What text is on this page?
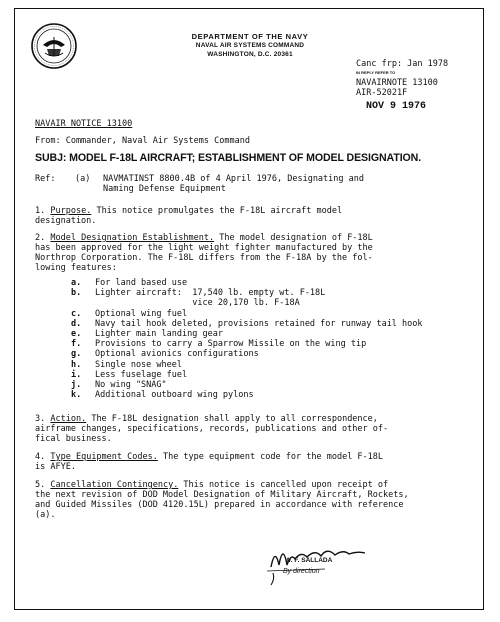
DEPARTMENT OF THE NAVY
NAVAL AIR SYSTEMS COMMAND
WASHINGTON, D.C. 20361
Canc frp: Jan 1978
IN REPLY REFER TO
NAVAIRNOTE 13100
AIR-52021F
NOV 9 1976
NAVAIR NOTICE 13100
From: Commander, Naval Air Systems Command
SUBJ: MODEL F-18L AIRCRAFT; ESTABLISHMENT OF MODEL DESIGNATION.
Ref: (a) NAVMATINST 8800.4B of 4 April 1976, Designating and
Naming Defense Equipment
1. Purpose. This notice promulgates the F-18L aircraft model
designation.
2. Model Designation Establishment. The model designation of F-18L
has been approved for the light weight fighter manufactured by the
Northrop Corporation. The F-18L differs from the F-18A by the fol-
lowing features:
a.	For land based use
b.	Lighter aircraft:  17,540 lb. empty wt. F-18L
vice 20,170 lb. F-18A
c.	Optional wing fuel
d.	Navy tail hook deleted, provisions retained for runway tail hook
e.	Lighter main landing gear
f.	Provisions to carry a Sparrow Missile on the wing tip
g.	Optional avionics configurations
h.	Single nose wheel
i.	Less fuselage fuel
j.	No wing "SNAG"
k.	Additional outboard wing pylons
3. Action. The F-18L designation shall apply to all correspondence,
airframe changes, specifications, records, publications and other of-
fical business.
4. Type Equipment Codes. The type equipment code for the model F-18L
is AFYE.
5. Cancellation Contingency. This notice is cancelled upon receipt of
the next revision of DOD Model Designation of Military Aircraft, Rockets,
and Guided Missiles (DOD 4120.15L) prepared in accordance with reference
(a).
W. F. SALLADA
By direction
